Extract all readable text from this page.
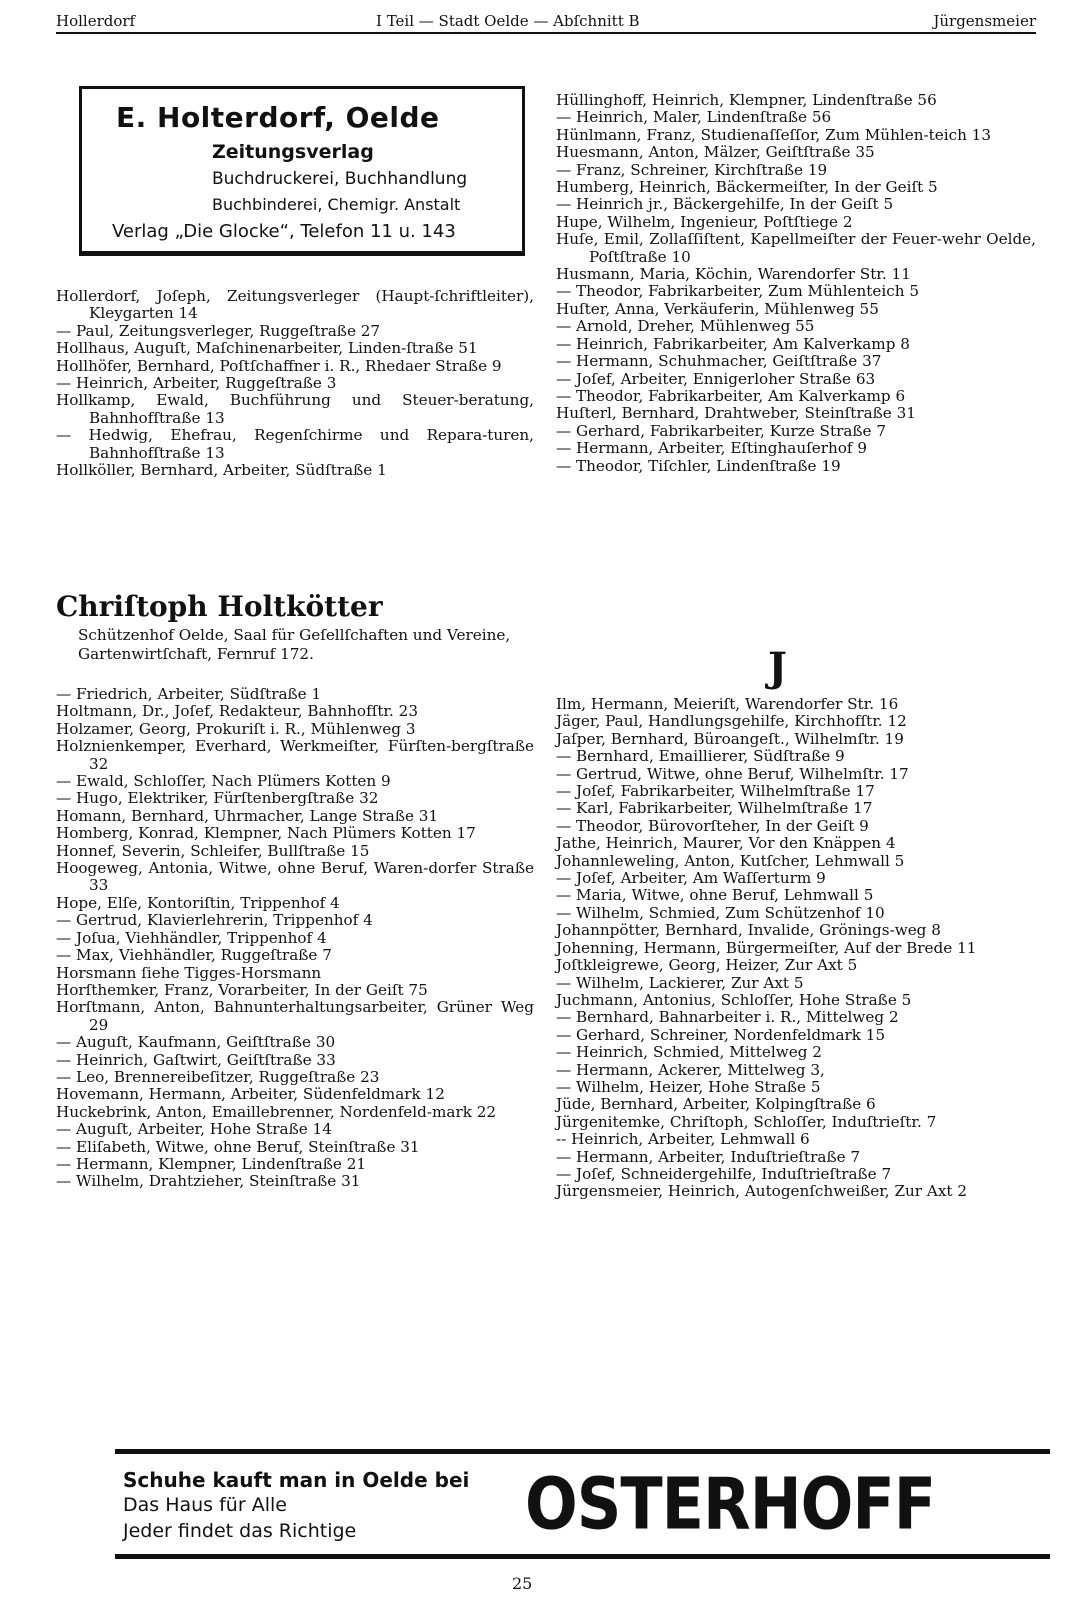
Hollerdorf	I Teil — Stadt Oelde — Abſchnitt B	Jürgensmeier
E. Holterdorf, Oelde
Zeitungsverlag
Buchdruckerei, Buchhandlung
Buchbinderei, Chemigr. Anstalt
Verlag „Die Glocke“, Telefon 11 u. 143
Hollerdorf, Joſeph, Zeitungsverleger (Haupt‑ſchriftleiter), Kleygarten 14
— Paul, Zeitungsverleger, Ruggeſtraße 27
Hollhaus, Auguſt, Maſchinenarbeiter, Linden‑ſtraße 51
Hollhöfer, Bernhard, Poſtſchaffner i. R., Rhedaer Straße 9
— Heinrich, Arbeiter, Ruggeſtraße 3
Hollkamp, Ewald, Buchführung und Steuer‑beratung, Bahnhofſtraße 13
— Hedwig, Ehefrau, Regenſchirme und Repara‑turen, Bahnhofſtraße 13
Hollköller, Bernhard, Arbeiter, Südſtraße 1
Chriſtoph Holtkötter
Schützenhof Oelde, Saal für Geſellſchaften und Vereine, Gartenwirtſchaft, Fernruf 172.
— Friedrich, Arbeiter, Südſtraße 1
Holtmann, Dr., Joſef, Redakteur, Bahnhofſtr. 23
Holzamer, Georg, Prokuriſt i. R., Mühlenweg 3
Holznienkemper, Everhard, Werkmeiſter, Fürſten‑bergſtraße 32
— Ewald, Schloſſer, Nach Plümers Kotten 9
— Hugo, Elektriker, Fürſtenbergſtraße 32
Homann, Bernhard, Uhrmacher, Lange Straße 31
Homberg, Konrad, Klempner, Nach Plümers Kotten 17
Honnef, Severin, Schleifer, Bullſtraße 15
Hoogeweg, Antonia, Witwe, ohne Beruf, Waren‑dorfer Straße 33
Hope, Elſe, Kontoriſtin, Trippenhof 4
— Gertrud, Klavierlehrerin, Trippenhof 4
— Joſua, Viehhändler, Trippenhof 4
— Max, Viehhändler, Ruggeſtraße 7
Horsmann ſiehe Tigges‑Horsmann
Horſthemker, Franz, Vorarbeiter, In der Geiſt 75
Horſtmann, Anton, Bahnunterhaltungsarbeiter, Grüner Weg 29
— Auguſt, Kaufmann, Geiſtſtraße 30
— Heinrich, Gaſtwirt, Geiſtſtraße 33
— Leo, Brennereibeſitzer, Ruggeſtraße 23
Hovemann, Hermann, Arbeiter, Südenfeldmark 12
Huckebrink, Anton, Emaillebrenner, Nordenfeld‑mark 22
— Auguſt, Arbeiter, Hohe Straße 14
— Eliſabeth, Witwe, ohne Beruf, Steinſtraße 31
— Hermann, Klempner, Lindenſtraße 21
— Wilhelm, Drahtzieher, Steinſtraße 31
Hüllinghoff, Heinrich, Klempner, Lindenſtraße 56
— Heinrich, Maler, Lindenſtraße 56
Hünlmann, Franz, Studienaſſeſſor, Zum Mühlen‑teich 13
Huesmann, Anton, Mälzer, Geiſtſtraße 35
— Franz, Schreiner, Kirchſtraße 19
Humberg, Heinrich, Bäckermeiſter, In der Geiſt 5
— Heinrich jr., Bäckergehilfe, In der Geiſt 5
Hupe, Wilhelm, Ingenieur, Poſtſtiege 2
Huſe, Emil, Zollaſſiſtent, Kapellmeiſter der Feuer‑wehr Oelde, Poſtſtraße 10
Husmann, Maria, Köchin, Warendorfer Str. 11
— Theodor, Fabrikarbeiter, Zum Mühlenteich 5
Huſter, Anna, Verkäuferin, Mühlenweg 55
— Arnold, Dreher, Mühlenweg 55
— Heinrich, Fabrikarbeiter, Am Kalverkamp 8
— Hermann, Schuhmacher, Geiſtſtraße 37
— Joſef, Arbeiter, Ennigerloher Straße 63
— Theodor, Fabrikarbeiter, Am Kalverkamp 6
Huſterl, Bernhard, Drahtweber, Steinſtraße 31
— Gerhard, Fabrikarbeiter, Kurze Straße 7
— Hermann, Arbeiter, Eſtinghauſerhof 9
— Theodor, Tiſchler, Lindenſtraße 19
J
Ilm, Hermann, Meieriſt, Warendorfer Str. 16
Jäger, Paul, Handlungsgehilfe, Kirchhofſtr. 12
Jaſper, Bernhard, Büroangeſt., Wilhelmſtr. 19
— Bernhard, Emaillierer, Südſtraße 9
— Gertrud, Witwe, ohne Beruf, Wilhelmſtr. 17
— Joſef, Fabrikarbeiter, Wilhelmſtraße 17
— Karl, Fabrikarbeiter, Wilhelmſtraße 17
— Theodor, Bürovorſteher, In der Geiſt 9
Jathe, Heinrich, Maurer, Vor den Knäppen 4
Johannleweling, Anton, Kutſcher, Lehmwall 5
— Joſef, Arbeiter, Am Waſſerturm 9
— Maria, Witwe, ohne Beruf, Lehmwall 5
— Wilhelm, Schmied, Zum Schützenhof 10
Johannpötter, Bernhard, Invalide, Grönings‑weg 8
Johenning, Hermann, Bürgermeiſter, Auf der Brede 11
Joſtkleigrewe, Georg, Heizer, Zur Axt 5
— Wilhelm, Lackierer, Zur Axt 5
Juchmann, Antonius, Schloſſer, Hohe Straße 5
— Bernhard, Bahnarbeiter i. R., Mittelweg 2
— Gerhard, Schreiner, Nordenfeldmark 15
— Heinrich, Schmied, Mittelweg 2
— Hermann, Ackerer, Mittelweg 3,
— Wilhelm, Heizer, Hohe Straße 5
Jüde, Bernhard, Arbeiter, Kolpingſtraße 6
Jürgenitemke, Chriſtoph, Schloſſer, Induſtrieſtr. 7
-- Heinrich, Arbeiter, Lehmwall 6
— Hermann, Arbeiter, Induſtrieſtraße 7
— Joſef, Schneidergehilfe, Induſtrieſtraße 7
Jürgensmeier, Heinrich, Autogenſchweißer, Zur Axt 2
Schuhe kauft man in Oelde bei
Das Haus für Alle
Jeder findet das Richtige	OSTERHOFF
25
